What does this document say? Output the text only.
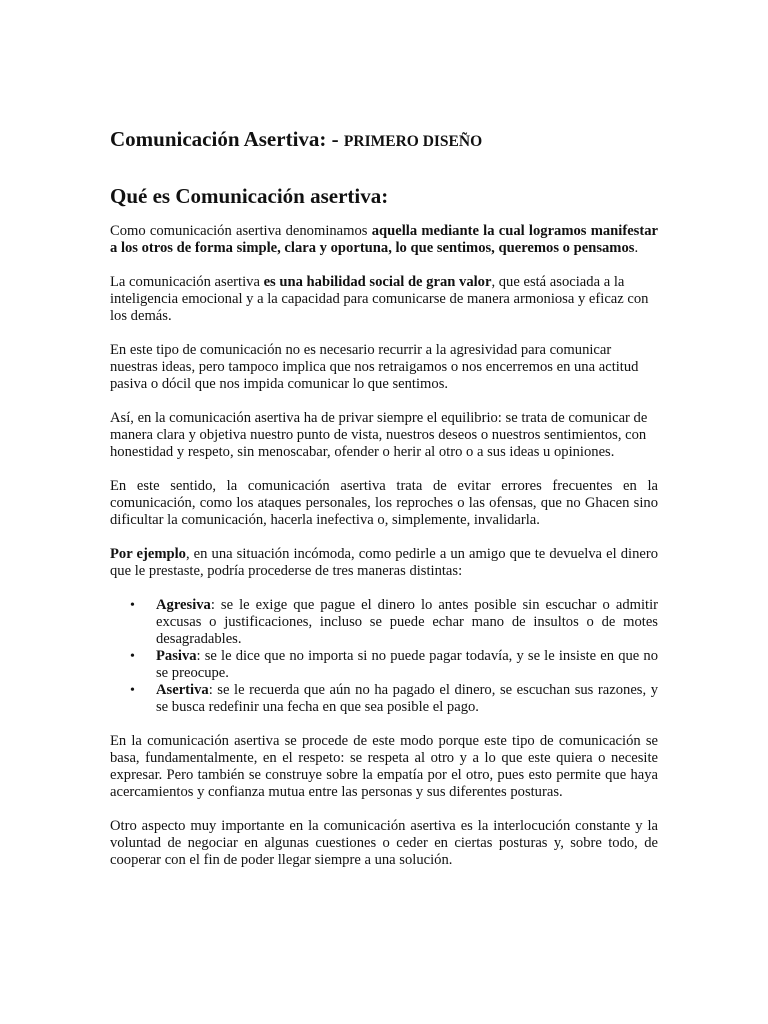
Comunicación Asertiva: - PRIMERO DISEÑO
Qué es Comunicación asertiva:

Como comunicación asertiva denominamos aquella mediante la cual logramos manifestar a los otros de forma simple, clara y oportuna, lo que sentimos, queremos o pensamos.

La comunicación asertiva es una habilidad social de gran valor, que está asociada a la inteligencia emocional y a la capacidad para comunicarse de manera armoniosa y eficaz con los demás.

En este tipo de comunicación no es necesario recurrir a la agresividad para comunicar nuestras ideas, pero tampoco implica que nos retraigamos o nos encerremos en una actitud pasiva o dócil que nos impida comunicar lo que sentimos.

Así, en la comunicación asertiva ha de privar siempre el equilibrio: se trata de comunicar de manera clara y objetiva nuestro punto de vista, nuestros deseos o nuestros sentimientos, con honestidad y respeto, sin menoscabar, ofender o herir al otro o a sus ideas u opiniones.

En este sentido, la comunicación asertiva trata de evitar errores frecuentes en la comunicación, como los ataques personales, los reproches o las ofensas, que no Ghacen sino dificultar la comunicación, hacerla inefectiva o, simplemente, invalidarla.

Por ejemplo, en una situación incómoda, como pedirle a un amigo que te devuelva el dinero que le prestaste, podría procederse de tres maneras distintas:

• Agresiva: se le exige que pague el dinero lo antes posible sin escuchar o admitir excusas o justificaciones, incluso se puede echar mano de insultos o de motes desagradables.
• Pasiva: se le dice que no importa si no puede pagar todavía, y se le insiste en que no se preocupe.
• Asertiva: se le recuerda que aún no ha pagado el dinero, se escuchan sus razones, y se busca redefinir una fecha en que sea posible el pago.

En la comunicación asertiva se procede de este modo porque este tipo de comunicación se basa, fundamentalmente, en el respeto: se respeta al otro y a lo que este quiera o necesite expresar. Pero también se construye sobre la empatía por el otro, pues esto permite que haya acercamientos y confianza mutua entre las personas y sus diferentes posturas.

Otro aspecto muy importante en la comunicación asertiva es la interlocución constante y la voluntad de negociar en algunas cuestiones o ceder en ciertas posturas y, sobre todo, de cooperar con el fin de poder llegar siempre a una solución.
